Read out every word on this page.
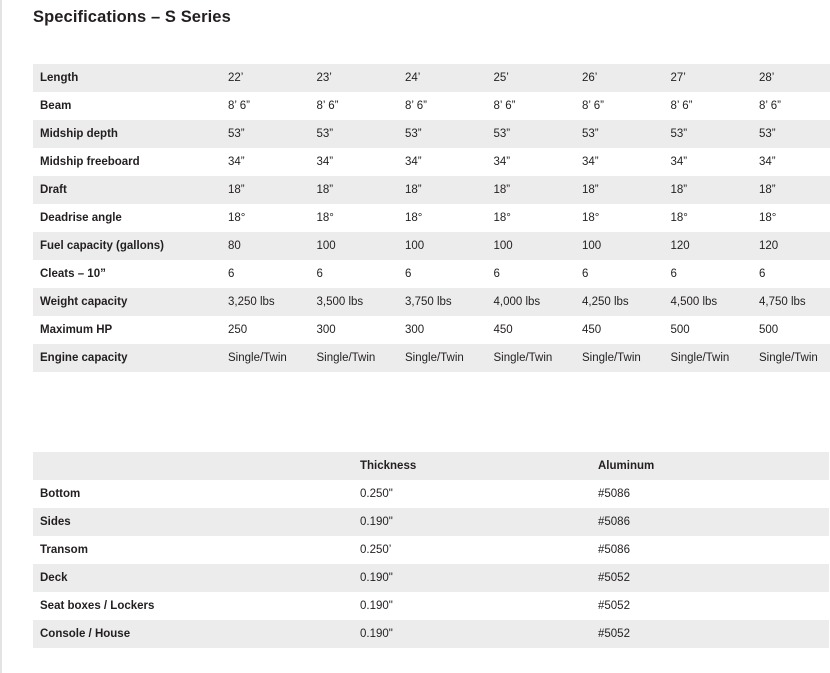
Specifications – S Series
Length	22’	23’	24’	25’	26’	27’	28’
Beam	8’ 6”	8’ 6”	8’ 6”	8’ 6”	8’ 6”	8’ 6”	8’ 6”
Midship depth	53”	53”	53”	53”	53”	53”	53”
Midship freeboard	34”	34”	34”	34”	34”	34”	34”
Draft	18”	18”	18”	18”	18”	18”	18”
Deadrise angle	18°	18°	18°	18°	18°	18°	18°
Fuel capacity (gallons)	80	100	100	100	100	120	120
Cleats – 10”	6	6	6	6	6	6	6
Weight capacity	3,250 lbs	3,500 lbs	3,750 lbs	4,000 lbs	4,250 lbs	4,500 lbs	4,750 lbs
Maximum HP	250	300	300	450	450	500	500
Engine capacity	Single/Twin	Single/Twin	Single/Twin	Single/Twin	Single/Twin	Single/Twin	Single/Twin
	Thickness	Aluminum
Bottom	0.250"	#5086
Sides	0.190"	#5086
Transom	0.250’	#5086
Deck	0.190"	#5052
Seat boxes / Lockers	0.190"	#5052
Console / House	0.190"	#5052
